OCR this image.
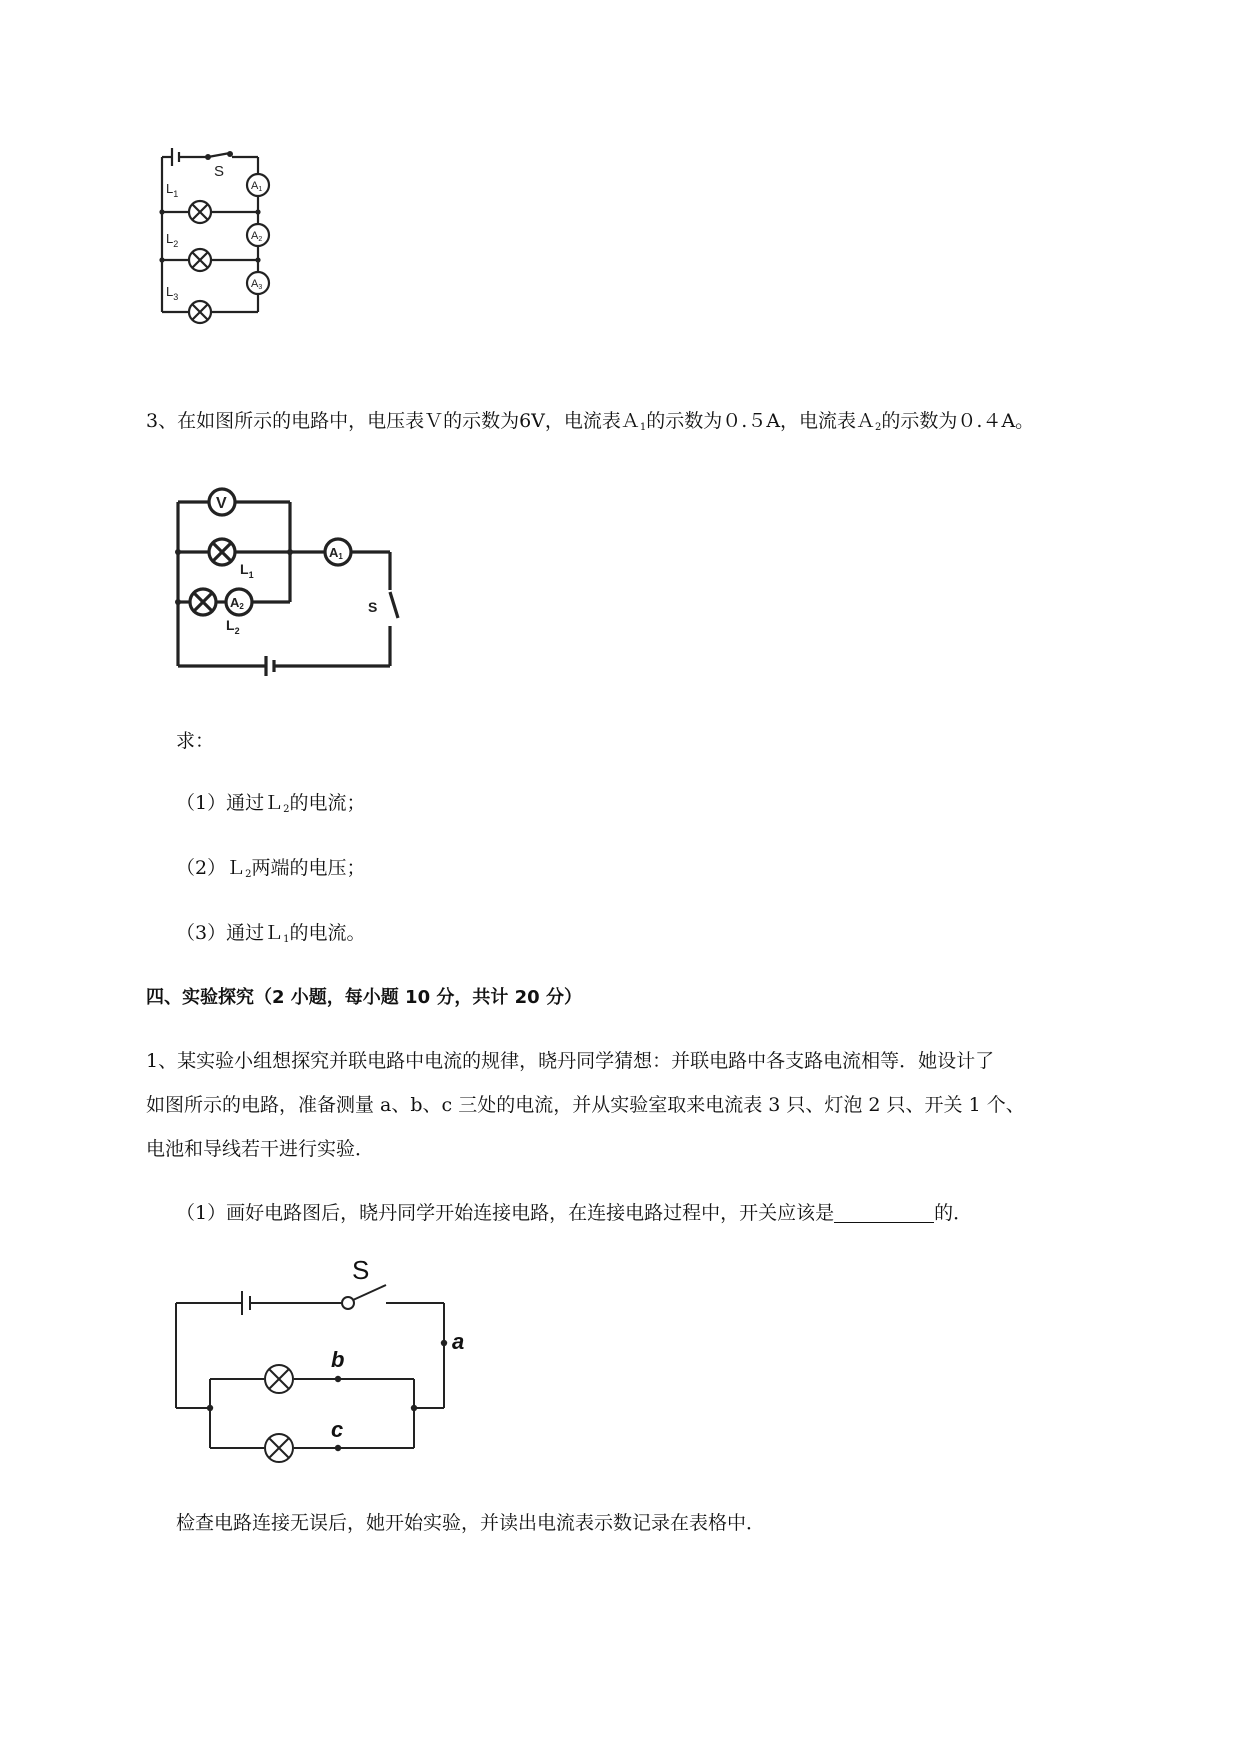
S
$L_1$
$L_2$
$L_3$
A1
A2
A3
3、在如图所示的电路中，电压表Ｖ的示数为6V，电流表Ａ$_1$的示数为０.５A，电流表Ａ$_2$的示数为０.４A。
V
A1
A2
$L_1$
$L_2$
S
求：
（1）通过Ｌ$_2$的电流；
（2）Ｌ$_2$两端的电压；
（3）通过Ｌ$_1$的电流。
四、实验探究（2 小题，每小题 10 分，共计 20 分）
1、某实验小组想探究并联电路中电流的规律，晓丹同学猜想：并联电路中各支路电流相等．她设计了
如图所示的电路，准备测量 a、b、c 三处的电流，并从实验室取来电流表 3 只、灯泡 2 只、开关 1 个、
电池和导线若干进行实验．
（1）画好电路图后，晓丹同学开始连接电路，在连接电路过程中，开关应该是	的．
S
a
b
c
检查电路连接无误后，她开始实验，并读出电流表示数记录在表格中．
